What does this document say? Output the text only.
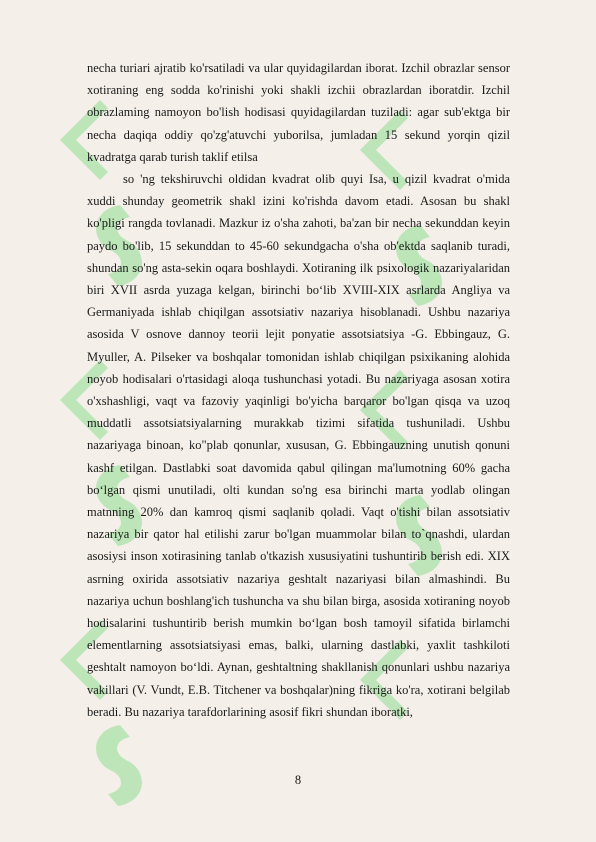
necha turiari ajratib ko'rsatiladi va ular quyidagilardan iborat. Izchil obrazlar sensor xotiraning eng sodda ko'rinishi yoki shakli izchii obrazlardan iboratdir. Izchil obrazlaming namoyon bo'lish hodisasi quyidagilardan tuziladi: agar sub'ektga bir necha daqiqa oddiy qo'zg'atuvchi yuborilsa, jumladan 15 sekund yorqin qizil kvadratga qarab turish taklif etilsa

so 'ng tekshiruvchi oldidan kvadrat olib quyi Isa, u qizil kvadrat o'mida xuddi shunday geometrik shakl izini ko'rishda davom etadi. Asosan bu shakl ko'pligi rangda tovlanadi. Mazkur iz o'sha zahoti, ba'zan bir necha sekunddan keyin paydo bo'lib, 15 sekunddan to 45-60 sekundgacha o'sha ob'ektda saqlanib turadi, shundan so'ng asta-sekin oqara boshlaydi. Xotiraning ilk psixologik nazariyalaridan biri XVII asrda yuzaga kelgan, birinchi bo‘lib XVIII-XIX asrlarda Angliya va Germaniyada ishlab chiqilgan assotsiativ nazariya hisoblanadi. Ushbu nazariya asosida V osnove dannoy teorii lejit ponyatie assotsiatsiya -G. Ebbingauz, G. Myuller, A. Pilseker va boshqalar tomonidan ishlab chiqilgan psixikaning alohida noyob hodisalari o'rtasidagi aloqa tushunchasi yotadi. Bu nazariyaga asosan xotira o'xshashligi, vaqt va fazoviy yaqinligi bo'yicha barqaror bo'lgan qisqa va uzoq muddatli assotsiatsiyalarning murakkab tizimi sifatida tushuniladi. Ushbu nazariyaga binoan, ko"plab qonunlar, xususan, G. Ebbingauzning unutish qonuni kashf etilgan. Dastlabki soat davomida qabul qilingan ma'lumotning 60% gacha bo‘lgan qismi unutiladi, olti kundan so'ng esa birinchi marta yodlab olingan matnning 20% dan kamroq qismi saqlanib qoladi. Vaqt o'tishi bilan assotsiativ nazariya bir qator hal etilishi zarur bo'lgan muammolar bilan to`qnashdi, ulardan asosiysi inson xotirasining tanlab o'tkazish xususiyatini tushuntirib berish edi. XIX asrning oxirida assotsiativ nazariya geshtalt nazariyasi bilan almashindi. Bu nazariya uchun boshlang'ich tushuncha va shu bilan birga, asosida xotiraning noyob hodisalarini tushuntirib berish mumkin bo‘lgan bosh tamoyil sifatida birlamchi elementlarning assotsiatsiyasi emas, balki, ularning dastlabki, yaxlit tashkiloti geshtalt namoyon bo‘ldi. Aynan, geshtaltning shakllanish qonunlari ushbu nazariya vakillari (V. Vundt, E.B. Titchener va boshqalar)ning fikriga ko'ra, xotirani belgilab beradi. Bu nazariya tarafdorlarining asosif fikri shundan iboratki,

8
